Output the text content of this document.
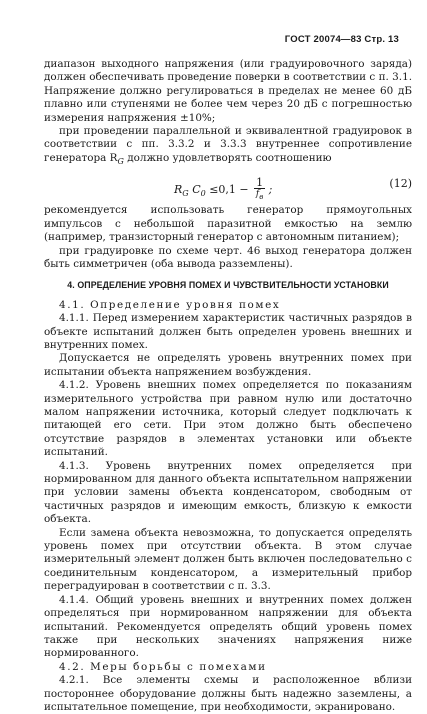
ГОСТ 20074—83 Стр. 13

диапазон выходного напряжения (или градуировочного заряда) должен обеспечивать проведение поверки в соответствии с п. 3.1. Напряжение должно регулироваться в пределах не менее 60 дБ плавно или ступенями не более чем через 20 дБ с погрешностью измерения напряжения ±10%;

при проведении параллельной и эквивалентной градуировок в соответствии с пп. 3.3.2 и 3.3.3 внутреннее сопротивление генератора $R_G$ должно удовлетворять соотношению

$R_G$ $C_0 \le 0,1 - \frac{1}{f_в}$ ;	(12)

рекомендуется использовать генератор прямоугольных импульсов с небольшой паразитной емкостью на землю (например, транзисторный генератор с автономным питанием);

при градуировке по схеме черт. 46 выход генератора должен быть симметричен (оба вывода разземлены).

4. ОПРЕДЕЛЕНИЕ УРОВНЯ ПОМЕХ И ЧУВСТВИТЕЛЬНОСТИ УСТАНОВКИ

4.1. Определение уровня помех

4.1.1. Перед измерением характеристик частичных разрядов в объекте испытаний должен быть определен уровень внешних и внутренних помех.

Допускается не определять уровень внутренних помех при испытании объекта напряжением возбуждения.

4.1.2. Уровень внешних помех определяется по показаниям измерительного устройства при равном нулю или достаточно малом напряжении источника, который следует подключать к питающей его сети. При этом должно быть обеспечено отсутствие разрядов в элементах установки или объекте испытаний.

4.1.3. Уровень внутренних помех определяется при нормированном для данного объекта испытательном напряжении при условии замены объекта конденсатором, свободным от частичных разрядов и имеющим емкость, близкую к емкости объекта.

Если замена объекта невозможна, то допускается определять уровень помех при отсутствии объекта. В этом случае измерительный элемент должен быть включен последовательно с соединительным конденсатором, а измерительный прибор переградуирован в соответствии с п. 3.3.

4.1.4. Общий уровень внешних и внутренних помех должен определяться при нормированном напряжении для объекта испытаний. Рекомендуется определять общий уровень помех также при нескольких значениях напряжения ниже нормированного.

4.2. Меры борьбы с помехами

4.2.1. Все элементы схемы и расположенное вблизи постороннее оборудование должны быть надежно заземлены, а испытательное помещение, при необходимости, экранировано.
